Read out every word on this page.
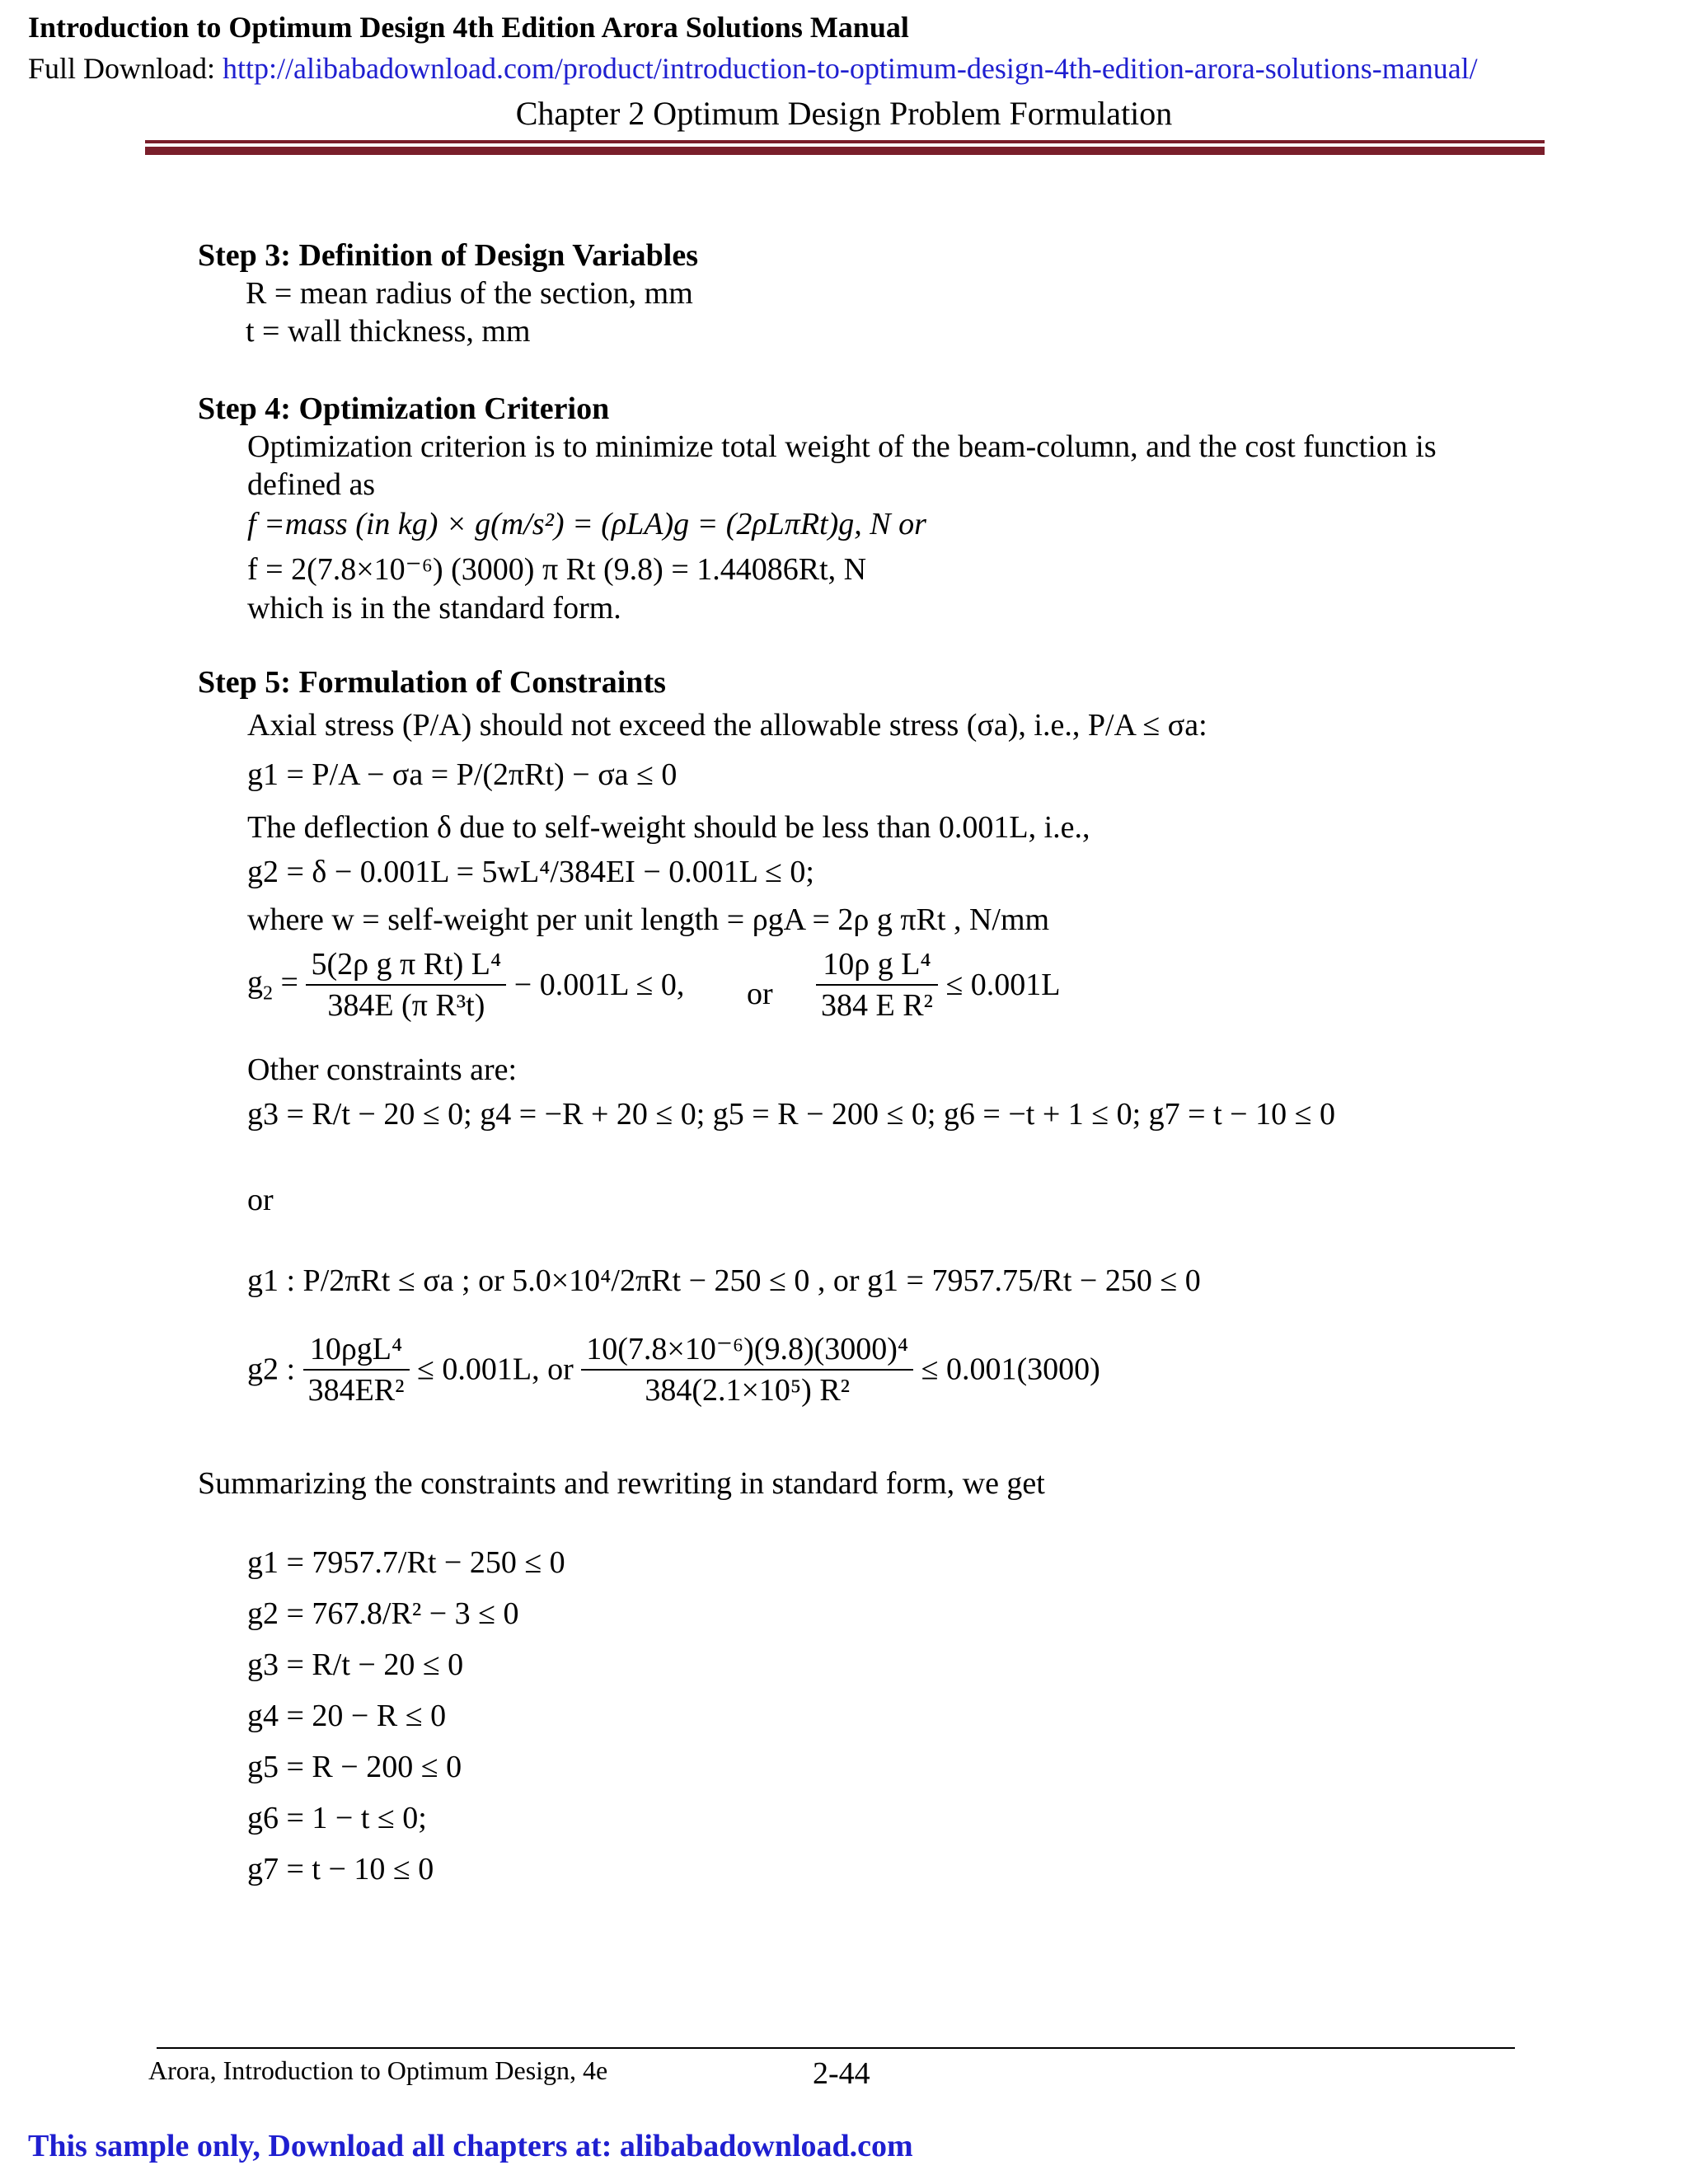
Introduction to Optimum Design 4th Edition Arora Solutions Manual
Full Download: http://alibabadownload.com/product/introduction-to-optimum-design-4th-edition-arora-solutions-manual/
Chapter 2 Optimum Design Problem Formulation
Step 3: Definition of Design Variables
R = mean radius of the section, mm
t = wall thickness, mm
Step 4: Optimization Criterion
Optimization criterion is to minimize total weight of the beam-column, and the cost function is
defined as
f =mass (in kg) × g(m/s²) = (ρLA)g = (2ρLπRt)g, N or
f = 2(7.8×10⁻⁶) (3000) π Rt (9.8) = 1.44086Rt, N
which is in the standard form.
Step 5: Formulation of Constraints
Axial stress (P/A) should not exceed the allowable stress (σa), i.e., P/A ≤ σa:
g1 = P/A − σa = P/(2πRt) − σa ≤ 0
The deflection δ due to self-weight should be less than 0.001L, i.e.,
g2 = δ − 0.001L = 5wL⁴/384EI − 0.001L ≤ 0;
where w = self-weight per unit length = ρgA = 2ρ g πRt , N/mm
$g_2 = \frac{\text{5(2ρ g π Rt) L⁴}}{\text{384E (π R³t)}} - 0.001L \le 0$, or $\frac{\text{10ρ g L⁴}}{\text{384 E R²}} \le 0.001L$
Other constraints are:
g3 = R/t − 20 ≤ 0; g4 = −R + 20 ≤ 0; g5 = R − 200 ≤ 0; g6 = −t + 1 ≤ 0; g7 = t − 10 ≤ 0
or
g1 : P/2πRt ≤ σa ; or 5.0×10⁴/2πRt − 250 ≤ 0 , or g1 = 7957.75/Rt − 250 ≤ 0
g2 : $\frac{\text{10ρgL⁴}}{\text{384ER²}} \le 0.001L$, or $\frac{\text{10(7.8×10⁻⁶)(9.8)(3000)⁴}}{\text{384(2.1×10⁵) R²}} \le 0.001(3000)$
Summarizing the constraints and rewriting in standard form, we get
g1 = 7957.7/Rt − 250 ≤ 0
g2 = 767.8/R² − 3 ≤ 0
g3 = R/t − 20 ≤ 0
g4 = 20 − R ≤ 0
g5 = R − 200 ≤ 0
g6 = 1 − t ≤ 0;
g7 = t − 10 ≤ 0
Arora, Introduction to Optimum Design, 4e	2-44
This sample only, Download all chapters at: alibabadownload.com
